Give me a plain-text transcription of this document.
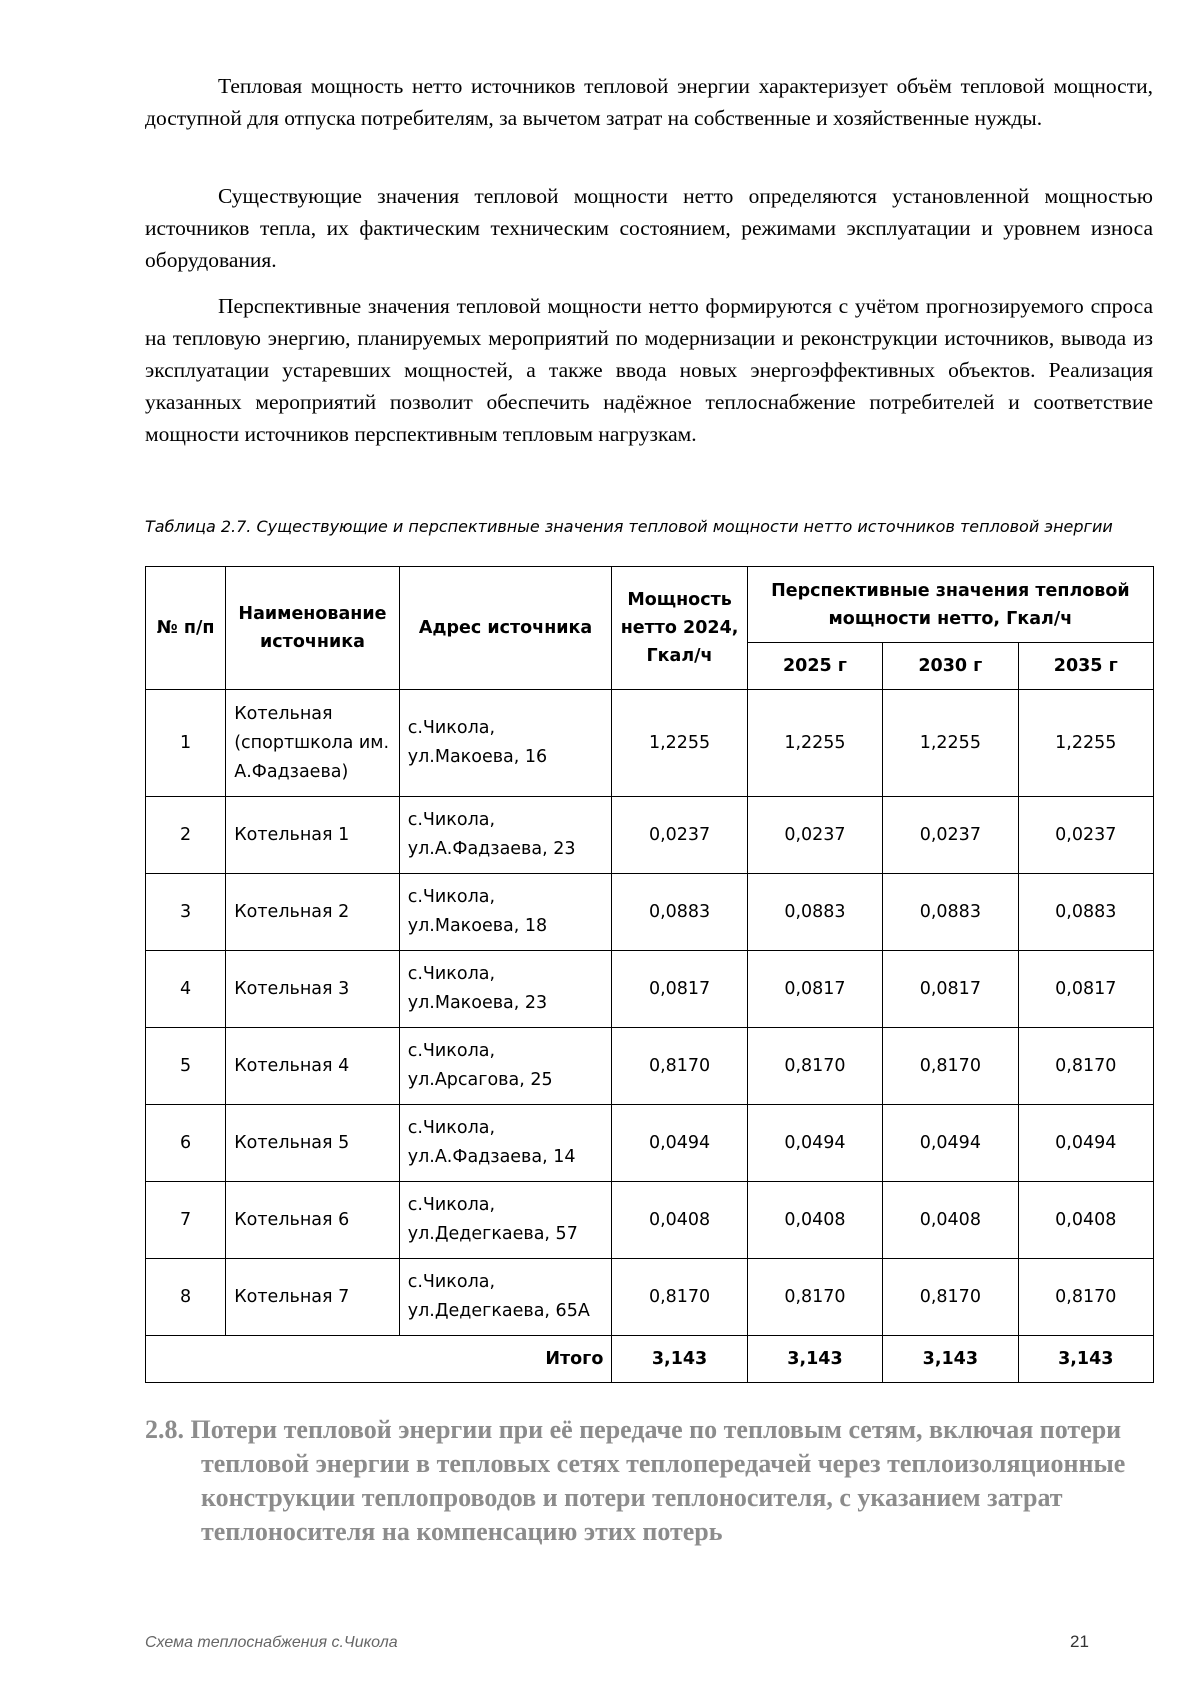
Тепловая мощность нетто источников тепловой энергии характеризует объём тепловой мощности, доступной для отпуска потребителям, за вычетом затрат на собственные и хозяйственные нужды.

Существующие значения тепловой мощности нетто определяются установленной мощностью источников тепла, их фактическим техническим состоянием, режимами эксплуатации и уровнем износа оборудования.

Перспективные значения тепловой мощности нетто формируются с учётом прогнозируемого спроса на тепловую энергию, планируемых мероприятий по модернизации и реконструкции источников, вывода из эксплуатации устаревших мощностей, а также ввода новых энергоэффективных объектов. Реализация указанных мероприятий позволит обеспечить надёжное теплоснабжение потребителей и соответствие мощности источников перспективным тепловым нагрузкам.

Таблица 2.7. Существующие и перспективные значения тепловой мощности нетто источников тепловой энергии

№ п/п	Наименование источника	Адрес источника	Мощность нетто 2024, Гкал/ч	Перспективные значения тепловой мощности нетто, Гкал/ч		
				2025 г	2030 г	2035 г
1	Котельная (спортшкола им. А.Фадзаева)	с.Чикола, ул.Макоева, 16	1,2255	1,2255	1,2255	1,2255
2	Котельная 1	с.Чикола, ул.А.Фадзаева, 23	0,0237	0,0237	0,0237	0,0237
3	Котельная 2	с.Чикола, ул.Макоева, 18	0,0883	0,0883	0,0883	0,0883
4	Котельная 3	с.Чикола, ул.Макоева, 23	0,0817	0,0817	0,0817	0,0817
5	Котельная 4	с.Чикола, ул.Арсагова, 25	0,8170	0,8170	0,8170	0,8170
6	Котельная 5	с.Чикола, ул.А.Фадзаева, 14	0,0494	0,0494	0,0494	0,0494
7	Котельная 6	с.Чикола, ул.Дедегкаева, 57	0,0408	0,0408	0,0408	0,0408
8	Котельная 7	с.Чикола, ул.Дедегкаева, 65А	0,8170	0,8170	0,8170	0,8170
Итого			3,143	3,143	3,143	3,143

2.8. Потери тепловой энергии при её передаче по тепловым сетям, включая потери тепловой энергии в тепловых сетях теплопередачей через теплоизоляционные конструкции теплопроводов и потери теплоносителя, с указанием затрат теплоносителя на компенсацию этих потерь

Схема теплоснабжения с.Чикола	21
